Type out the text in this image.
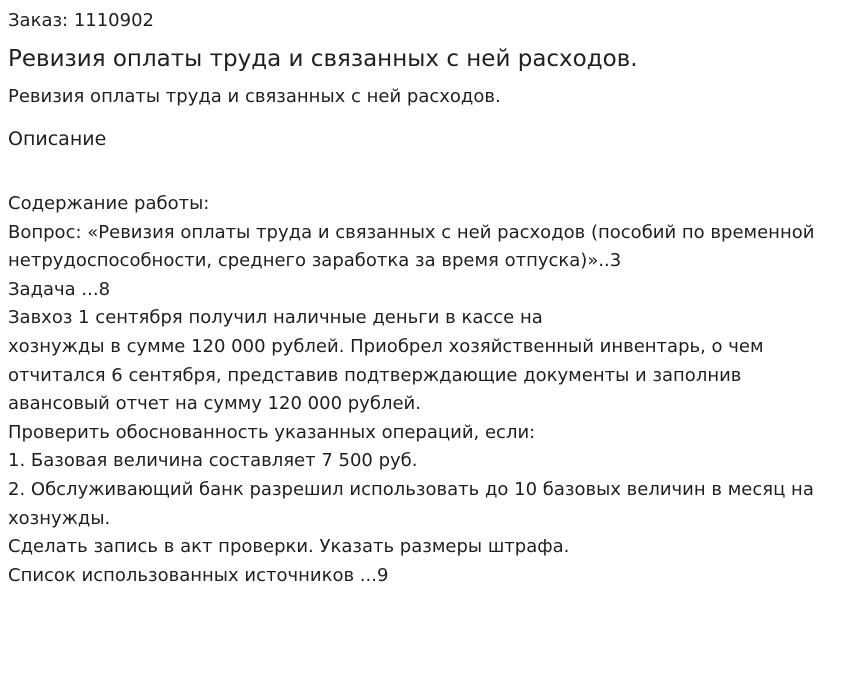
Заказ: 1110902

Ревизия оплаты труда и связанных с ней расходов.

Ревизия оплаты труда и связанных с ней расходов.

Описание

Содержание работы:

Вопрос: «Ревизия оплаты труда и связанных с ней расходов (пособий по временной нетрудоспособности, среднего заработка за время отпуска)»..3

Задача ...8

Завхоз 1 сентября получил наличные деньги в кассе на

хознужды в сумме 120 000 рублей. Приобрел хозяйственный инвентарь, о чем отчитался 6 сентября, представив подтверждающие документы и заполнив авансовый отчет на сумму 120 000 рублей.

Проверить обоснованность указанных операций, если:

1. Базовая величина составляет 7 500 руб.

2. Обслуживающий банк разрешил использовать до 10 базовых величин в месяц на хознужды.

Сделать запись в акт проверки. Указать размеры штрафа.

Список использованных источников ...9
